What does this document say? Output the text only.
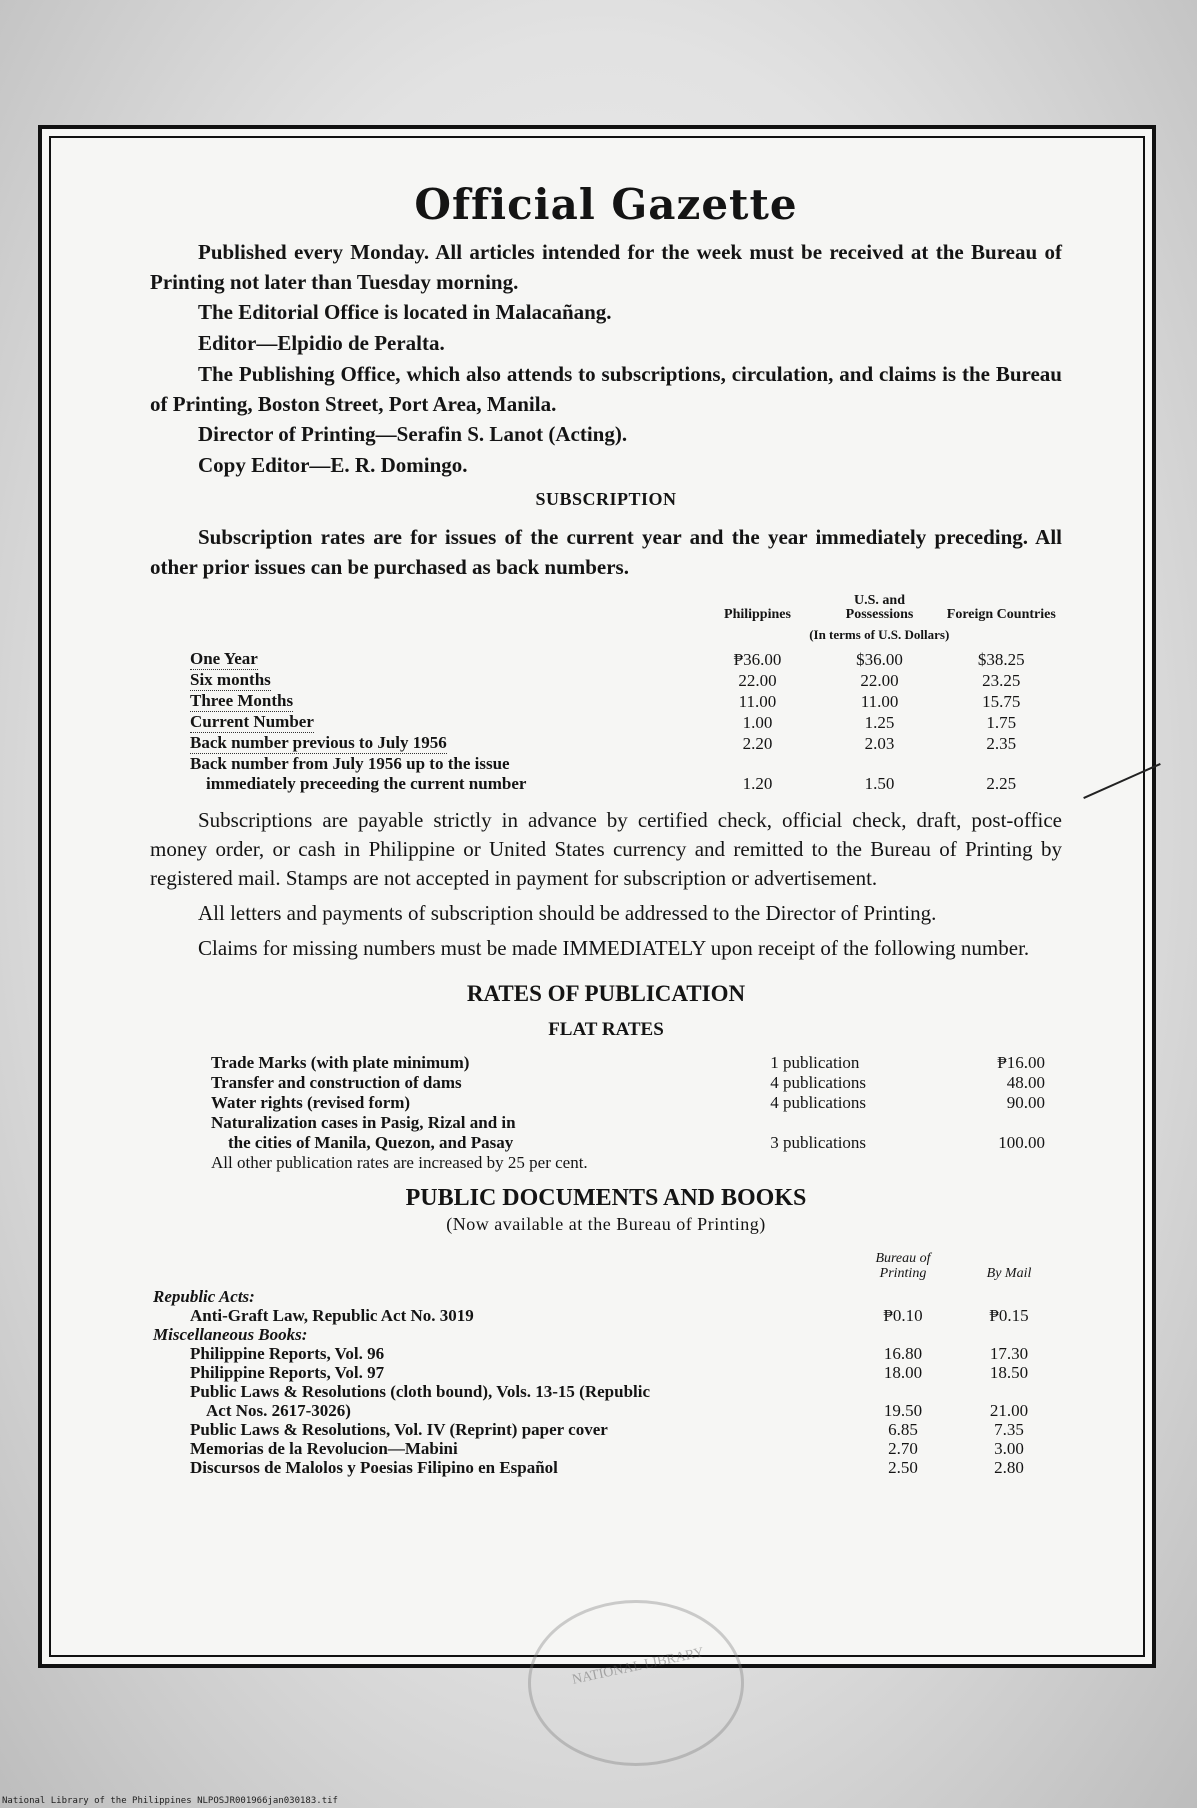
Official Gazette

Published every Monday. All articles intended for the week must be received at the Bureau of Printing not later than Tuesday morning.

The Editorial Office is located in Malacañang.

Editor—Elpidio de Peralta.

The Publishing Office, which also attends to subscriptions, circulation, and claims is the Bureau of Printing, Boston Street, Port Area, Manila.

Director of Printing—Serafin S. Lanot (Acting).

Copy Editor—E. R. Domingo.

SUBSCRIPTION

Subscription rates are for issues of the current year and the year immediately preceding. All other prior issues can be purchased as back numbers.

	Philippines	U.S. and Possessions	Foreign Countries
	(In terms of U.S. Dollars)		
One Year	₱36.00	$36.00	$38.25
Six months	22.00	22.00	23.25
Three Months	11.00	11.00	15.75
Current Number	1.00	1.25	1.75
Back number previous to July 1956	2.20	2.03	2.35
Back number from July 1956 up to the issue			
immediately preceeding the current number	1.20	1.50	2.25

Subscriptions are payable strictly in advance by certified check, official check, draft, post-office money order, or cash in Philippine or United States currency and remitted to the Bureau of Printing by registered mail. Stamps are not accepted in payment for subscription or advertisement.

All letters and payments of subscription should be addressed to the Director of Printing.

Claims for missing numbers must be made IMMEDIATELY upon receipt of the following number.

RATES OF PUBLICATION
FLAT RATES
Trade Marks (with plate minimum)	1 publication	₱16.00
Transfer and construction of dams	4 publications	48.00
Water rights (revised form)	4 publications	90.00
Naturalization cases in Pasig, Rizal and in		
the cities of Manila, Quezon, and Pasay	3 publications	100.00
All other publication rates are increased by 25 per cent.		
PUBLIC DOCUMENTS AND BOOKS
(Now available at the Bureau of Printing)
	Bureau of Printing	By Mail
Republic Acts:		
Anti-Graft Law, Republic Act No. 3019	₱0.10	₱0.15
Miscellaneous Books:		
Philippine Reports, Vol. 96	16.80	17.30
Philippine Reports, Vol. 97	18.00	18.50
Public Laws & Resolutions (cloth bound), Vols. 13-15 (Republic		
Act Nos. 2617-3026)	19.50	21.00
Public Laws & Resolutions, Vol. IV (Reprint) paper cover	6.85	7.35
Memorias de la Revolucion—Mabini	2.70	3.00
Discursos de Malolos y Poesias Filipino en Español	2.50	2.80
NATIONAL LIBRARY
National Library of the Philippines NLPOSJR001966jan030183.tif
